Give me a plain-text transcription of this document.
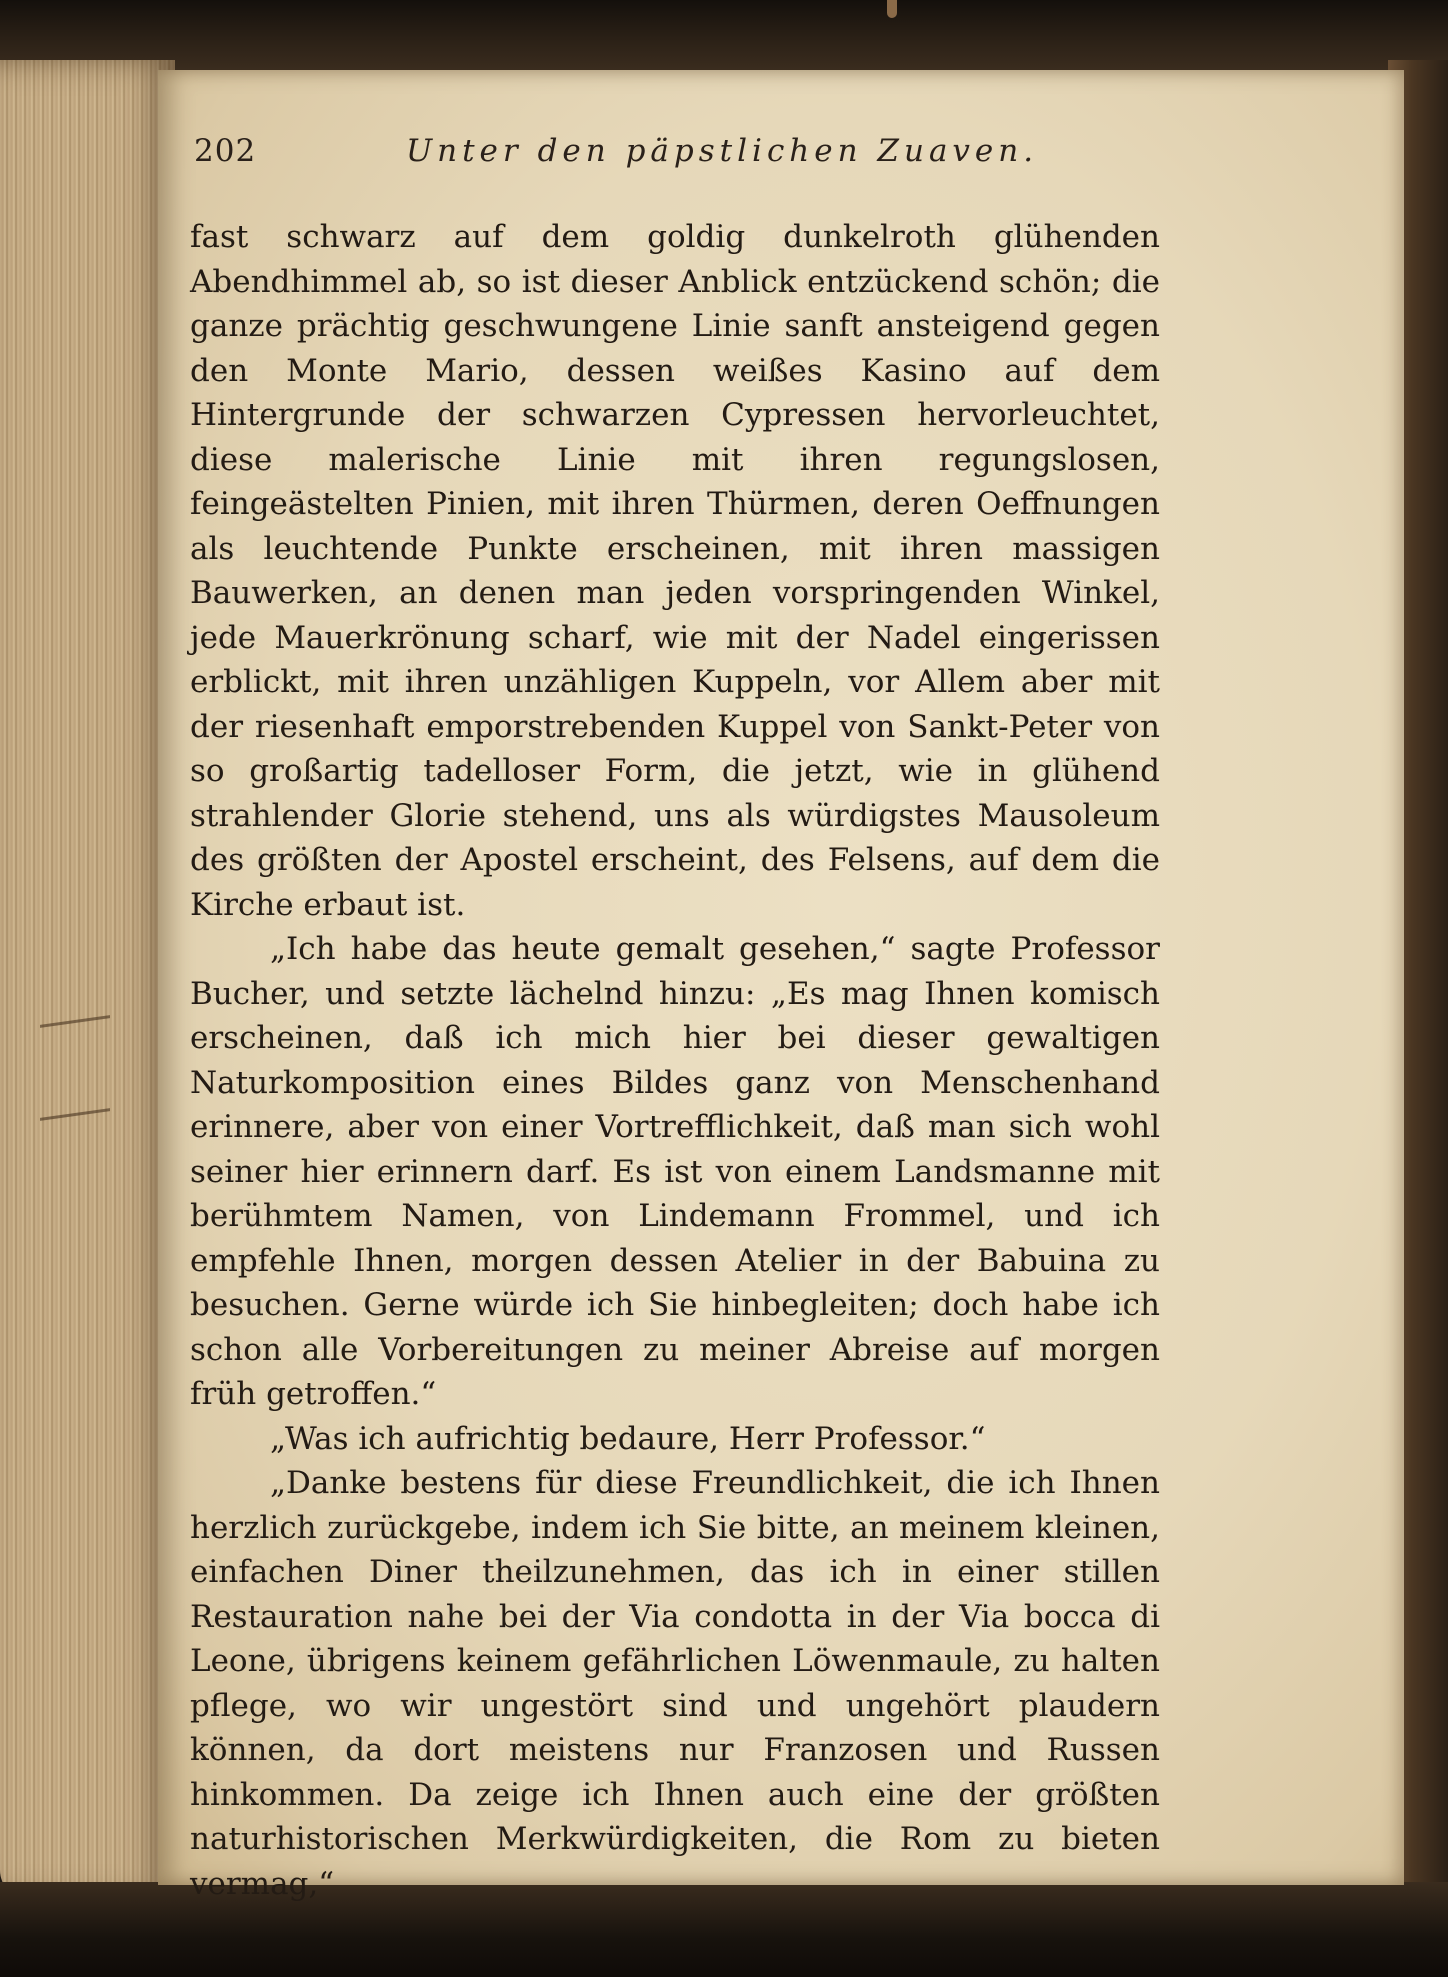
202	Unter den päpstlichen Zuaven.

fast schwarz auf dem goldig dunkelroth glühenden Abendhimmel ab, so ist dieser Anblick entzückend schön; die ganze prächtig geschwungene Linie sanft ansteigend gegen den Monte Mario, dessen weißes Kasino auf dem Hintergrunde der schwarzen Cypressen hervorleuchtet, diese malerische Linie mit ihren regungslosen, feingeästelten Pinien, mit ihren Thürmen, deren Oeffnungen als leuchtende Punkte erscheinen, mit ihren massigen Bauwerken, an denen man jeden vorspringenden Winkel, jede Mauerkrönung scharf, wie mit der Nadel eingerissen erblickt, mit ihren unzähligen Kuppeln, vor Allem aber mit der riesenhaft emporstrebenden Kuppel von Sankt-Peter von so großartig tadelloser Form, die jetzt, wie in glühend strahlender Glorie stehend, uns als würdigstes Mausoleum des größten der Apostel erscheint, des Felsens, auf dem die Kirche erbaut ist.

„Ich habe das heute gemalt gesehen,“ sagte Professor Bucher, und setzte lächelnd hinzu: „Es mag Ihnen komisch erscheinen, daß ich mich hier bei dieser gewaltigen Naturkomposition eines Bildes ganz von Menschenhand erinnere, aber von einer Vortrefflichkeit, daß man sich wohl seiner hier erinnern darf. Es ist von einem Landsmanne mit berühmtem Namen, von Lindemann Frommel, und ich empfehle Ihnen, morgen dessen Atelier in der Babuina zu besuchen. Gerne würde ich Sie hinbegleiten; doch habe ich schon alle Vorbereitungen zu meiner Abreise auf morgen früh getroffen.“

„Was ich aufrichtig bedaure, Herr Professor.“

„Danke bestens für diese Freundlichkeit, die ich Ihnen herzlich zurückgebe, indem ich Sie bitte, an meinem kleinen, einfachen Diner theilzunehmen, das ich in einer stillen Restauration nahe bei der Via condotta in der Via bocca di Leone, übrigens keinem gefährlichen Löwenmaule, zu halten pflege, wo wir ungestört sind und ungehört plaudern können, da dort meistens nur Franzosen und Russen hinkommen. Da zeige ich Ihnen auch eine der größten naturhistorischen Merkwürdigkeiten, die Rom zu bieten vermag,“
